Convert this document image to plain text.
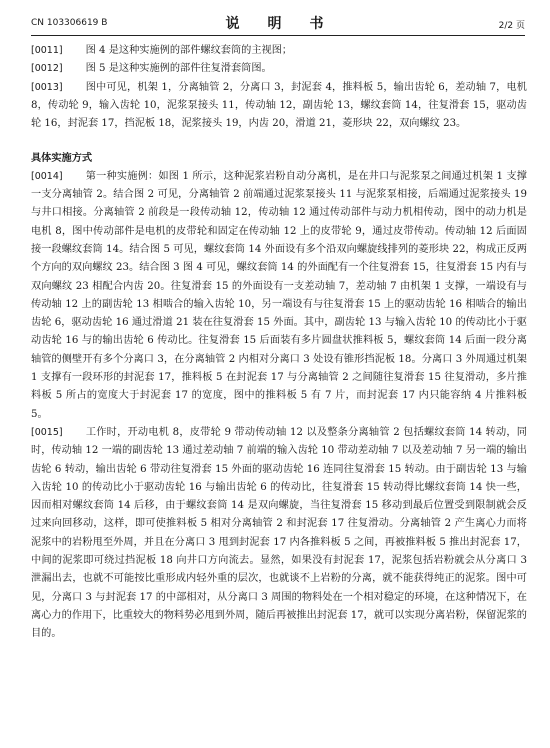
CN 103306619 B	说　明　书	2/2 页

[0011] 图 4 是这种实施例的部件螺纹套筒的主视图；

[0012] 图 5 是这种实施例的部件往复滑套筒图。

[0013] 图中可见，机架 1，分离轴管 2，分离口 3，封泥套 4，推料板 5，输出齿轮 6，差动轴 7，电机 8，传动轮 9，输入齿轮 10，泥浆泵接头 11，传动轴 12，副齿轮 13，螺纹套筒 14，往复滑套 15，驱动齿轮 16，封泥套 17，挡泥板 18，泥浆接头 19，内齿 20，滑道 21，菱形块 22，双向螺纹 23。

具体实施方式

[0014] 第一种实施例：如图 1 所示，这种泥浆岩粉自动分离机，是在井口与泥浆泵之间通过机架 1 支撑一支分离轴管 2。结合图 2 可见，分离轴管 2 前端通过泥浆泵接头 11 与泥浆泵相接，后端通过泥浆接头 19 与井口相接。分离轴管 2 前段是一段传动轴 12，传动轴 12 通过传动部件与动力机相传动，图中的动力机是电机 8，图中传动部件是电机的皮带轮和固定在传动轴 12 上的皮带轮 9，通过皮带传动。传动轴 12 后面固接一段螺纹套筒 14。结合图 5 可见，螺纹套筒 14 外面设有多个沿双向螺旋线排列的菱形块 22，构成正反两个方向的双向螺纹 23。结合图 3 图 4 可见，螺纹套筒 14 的外面配有一个往复滑套 15，往复滑套 15 内有与双向螺纹 23 相配合内齿 20。往复滑套 15 的外面设有一支差动轴 7，差动轴 7 由机架 1 支撑，一端设有与传动轴 12 上的副齿轮 13 相啮合的输入齿轮 10，另一端设有与往复滑套 15 上的驱动齿轮 16 相啮合的输出齿轮 6，驱动齿轮 16 通过滑道 21 装在往复滑套 15 外面。其中，副齿轮 13 与输入齿轮 10 的传动比小于驱动齿轮 16 与的输出齿轮 6 传动比。往复滑套 15 后面装有多片圆盘状推料板 5，螺纹套筒 14 后面一段分离轴管的侧壁开有多个分离口 3，在分离轴管 2 内相对分离口 3 处设有锥形挡泥板 18。分离口 3 外周通过机架 1 支撑有一段环形的封泥套 17，推料板 5 在封泥套 17 与分离轴管 2 之间随往复滑套 15 往复滑动，多片推料板 5 所占的宽度大于封泥套 17 的宽度，图中的推料板 5 有 7 片，而封泥套 17 内只能容纳 4 片推料板 5。

[0015] 工作时，开动电机 8，皮带轮 9 带动传动轴 12 以及整条分离轴管 2 包括螺纹套筒 14 转动，同时，传动轴 12 一端的副齿轮 13 通过差动轴 7 前端的输入齿轮 10 带动差动轴 7 以及差动轴 7 另一端的输出齿轮 6 转动，输出齿轮 6 带动往复滑套 15 外面的驱动齿轮 16 连同往复滑套 15 转动。由于副齿轮 13 与输入齿轮 10 的传动比小于驱动齿轮 16 与输出齿轮 6 的传动比，往复滑套 15 转动得比螺纹套筒 14 快一些，因而相对螺纹套筒 14 后移，由于螺纹套筒 14 是双向螺旋，当往复滑套 15 移动到最后位置受到限制就会反过来向回移动，这样，即可使推料板 5 相对分离轴管 2 和封泥套 17 往复滑动。分离轴管 2 产生离心力而将泥浆中的岩粉甩至外周，并且在分离口 3 甩到封泥套 17 内各推料板 5 之间，再被推料板 5 推出封泥套 17，中间的泥浆即可绕过挡泥板 18 向井口方向流去。显然，如果没有封泥套 17，泥浆包括岩粉就会从分离口 3 泄漏出去，也就不可能按比重形成内轻外重的层次，也就谈不上岩粉的分离，就不能获得纯正的泥浆。图中可见，分离口 3 与封泥套 17 的中部相对，从分离口 3 周围的物料处在一个相对稳定的环境，在这种情况下，在离心力的作用下，比重较大的物料势必甩到外周，随后再被推出封泥套 17，就可以实现分离岩粉，保留泥浆的目的。
